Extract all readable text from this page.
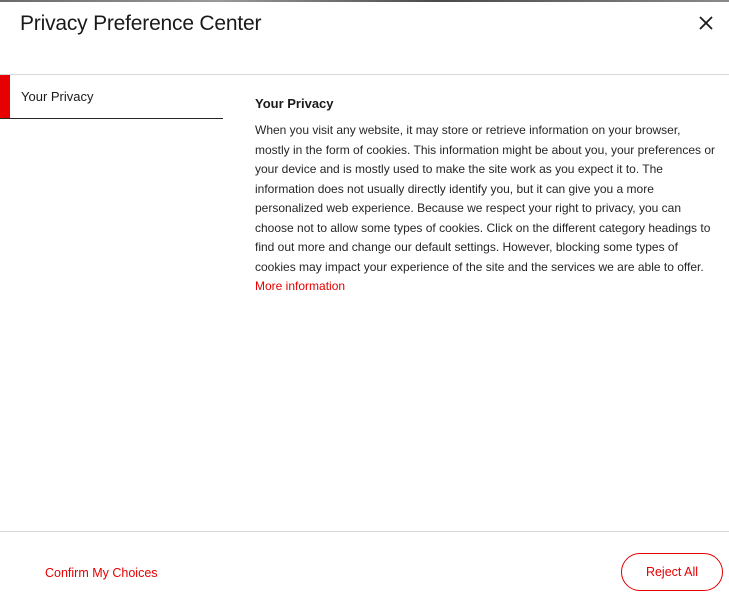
Privacy Preference Center
Your Privacy	Your Privacy

When you visit any website, it may store or retrieve information on your browser, mostly in the form of cookies. This information might be about you, your preferences or your device and is mostly used to make the site work as you expect it to. The information does not usually directly identify you, but it can give you a more personalized web experience. Because we respect your right to privacy, you can choose not to allow some types of cookies. Click on the different category headings to find out more and change our default settings. However, blocking some types of cookies may impact your experience of the site and the services we are able to offer.
More information

Confirm My Choices	Reject All
